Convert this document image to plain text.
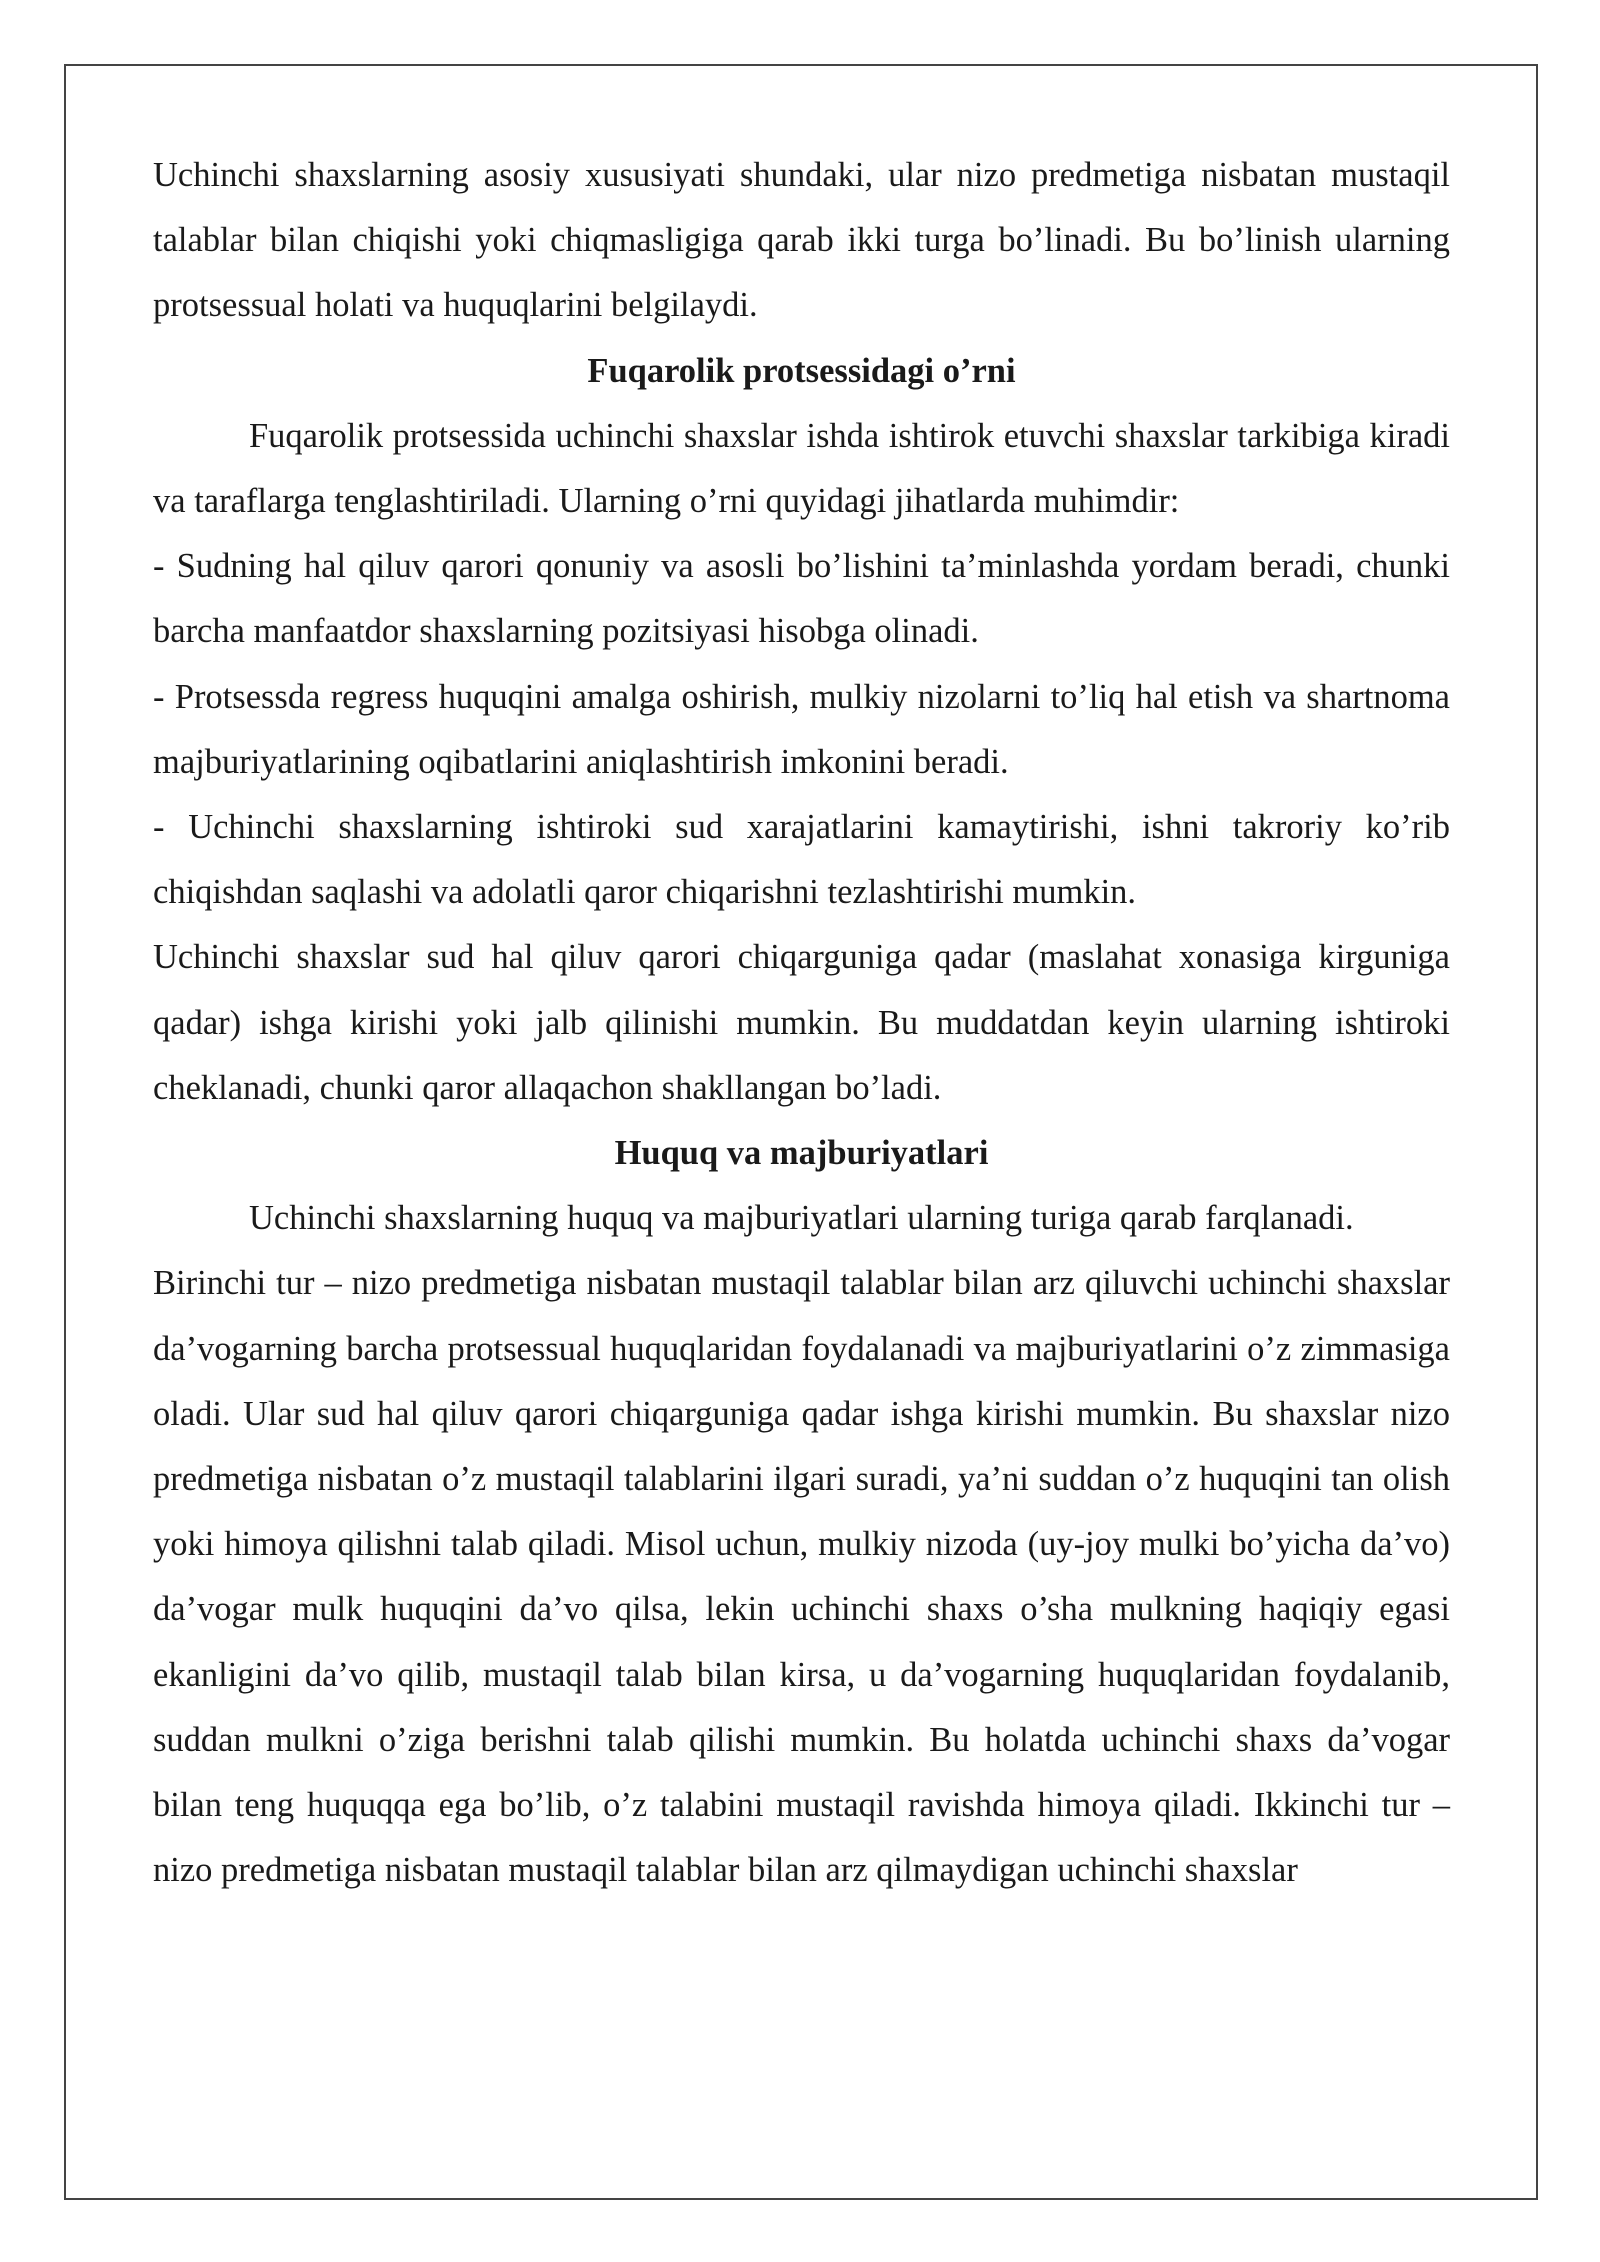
Uchinchi shaxslarning asosiy xususiyati shundaki, ular nizo predmetiga nisbatan mustaqil talablar bilan chiqishi yoki chiqmasligiga qarab ikki turga bo’linadi. Bu bo’linish ularning protsessual holati va huquqlarini belgilaydi.

Fuqarolik protsessidagi o’rni

Fuqarolik protsessida uchinchi shaxslar ishda ishtirok etuvchi shaxslar tarkibiga kiradi va taraflarga tenglashtiriladi. Ularning o’rni quyidagi jihatlarda muhimdir:

- Sudning hal qiluv qarori qonuniy va asosli bo’lishini ta’minlashda yordam beradi, chunki barcha manfaatdor shaxslarning pozitsiyasi hisobga olinadi.

- Protsessda regress huquqini amalga oshirish, mulkiy nizolarni to’liq hal etish va shartnoma majburiyatlarining oqibatlarini aniqlashtirish imkonini beradi.

- Uchinchi shaxslarning ishtiroki sud xarajatlarini kamaytirishi, ishni takroriy ko’rib chiqishdan saqlashi va adolatli qaror chiqarishni tezlashtirishi mumkin.

Uchinchi shaxslar sud hal qiluv qarori chiqarguniga qadar (maslahat xonasiga kirguniga qadar) ishga kirishi yoki jalb qilinishi mumkin. Bu muddatdan keyin ularning ishtiroki cheklanadi, chunki qaror allaqachon shakllangan bo’ladi.

Huquq va majburiyatlari

Uchinchi shaxslarning huquq va majburiyatlari ularning turiga qarab farqlanadi.

Birinchi tur – nizo predmetiga nisbatan mustaqil talablar bilan arz qiluvchi uchinchi shaxslar da’vogarning barcha protsessual huquqlaridan foydalanadi va majburiyatlarini o’z zimmasiga oladi. Ular sud hal qiluv qarori chiqarguniga qadar ishga kirishi mumkin. Bu shaxslar nizo predmetiga nisbatan o’z mustaqil talablarini ilgari suradi, ya’ni suddan o’z huquqini tan olish yoki himoya qilishni talab qiladi. Misol uchun, mulkiy nizoda (uy-joy mulki bo’yicha da’vo) da’vogar mulk huquqini da’vo qilsa, lekin uchinchi shaxs o’sha mulkning haqiqiy egasi ekanligini da’vo qilib, mustaqil talab bilan kirsa, u da’vogarning huquqlaridan foydalanib, suddan mulkni o’ziga berishni talab qilishi mumkin. Bu holatda uchinchi shaxs da’vogar bilan teng huquqqa ega bo’lib, o’z talabini mustaqil ravishda himoya qiladi. Ikkinchi tur – nizo predmetiga nisbatan mustaqil talablar bilan arz qilmaydigan uchinchi shaxslar
